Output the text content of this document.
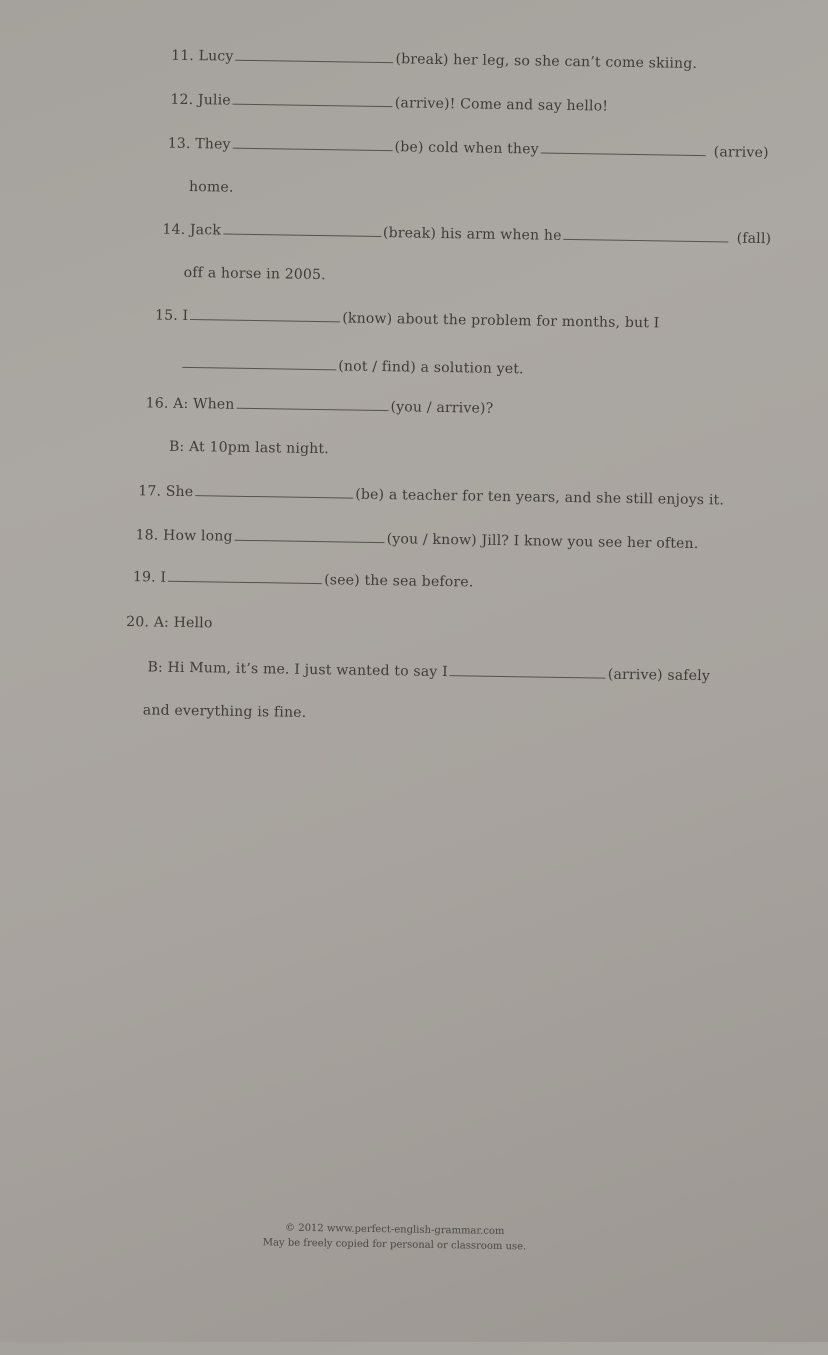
11. Lucy	(break) her leg, so she can’t come skiing.
12. Julie	(arrive)! Come and say hello!
13. They	(be) cold when they	(arrive)
home.
14. Jack	(break) his arm when he	(fall)
off a horse in 2005.
15. I	(know) about the problem for months, but I
(not / find) a solution yet.
16. A: When	(you / arrive)?
B: At 10pm last night.
17. She	(be) a teacher for ten years, and she still enjoys it.
18. How long	(you / know) Jill? I know you see her often.
19. I	(see) the sea before.
20. A: Hello
B: Hi Mum, it’s me. I just wanted to say I	(arrive) safely
and everything is fine.
© 2012 www.perfect-english-grammar.com
May be freely copied for personal or classroom use.
